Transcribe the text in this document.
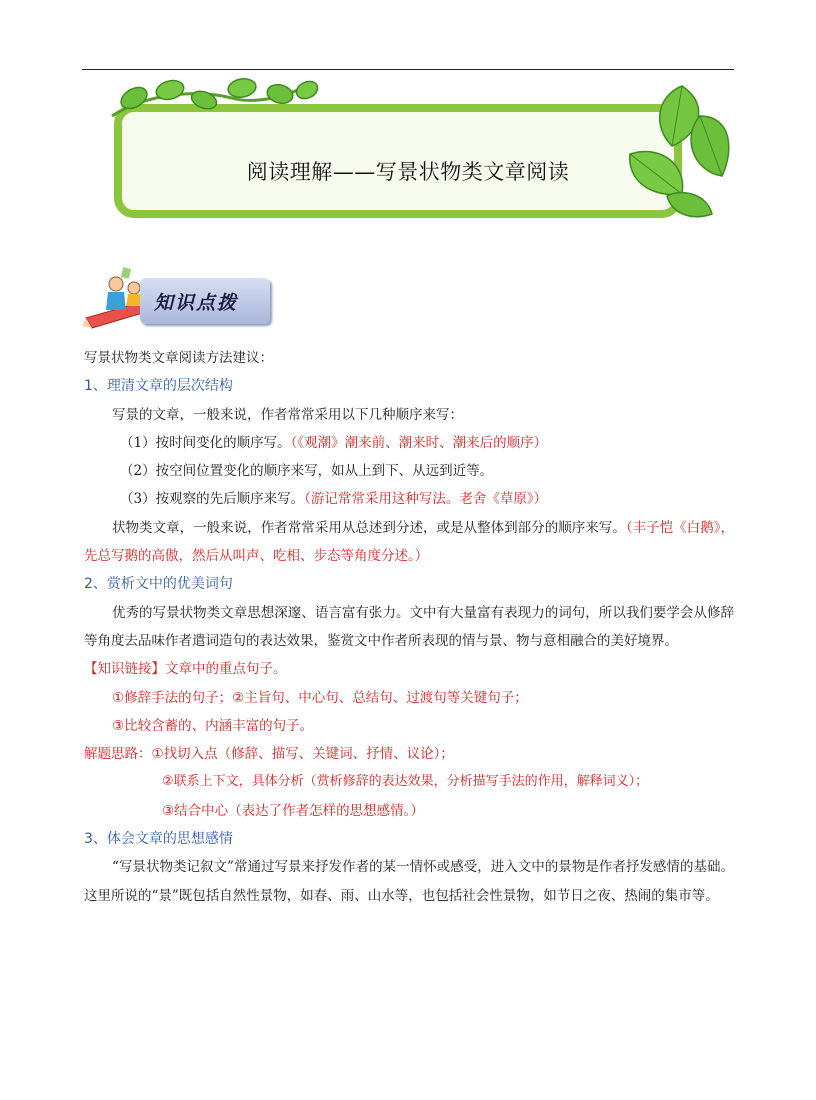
阅读理解——写景状物类文章阅读
知识点拨
写景状物类文章阅读方法建议：
1、理清文章的层次结构
写景的文章，一般来说，作者常常采用以下几种顺序来写：
（1）按时间变化的顺序写。（《观潮》潮来前、潮来时、潮来后的顺序）
（2）按空间位置变化的顺序来写，如从上到下、从远到近等。
（3）按观察的先后顺序来写。（游记常常采用这种写法。老舍《草原》）
状物类文章，一般来说，作者常常采用从总述到分述，或是从整体到部分的顺序来写。（丰子恺《白鹅》，先总写鹅的高傲，然后从叫声、吃相、步态等角度分述。）
2、赏析文中的优美词句
优秀的写景状物类文章思想深邃、语言富有张力。文中有大量富有表现力的词句，所以我们要学会从修辞等角度去品味作者遣词造句的表达效果，鉴赏文中作者所表现的情与景、物与意相融合的美好境界。
【知识链接】文章中的重点句子。
①修辞手法的句子；②主旨句、中心句、总结句、过渡句等关键句子；
③比较含蓄的、内涵丰富的句子。
解题思路：①找切入点（修辞、描写、关键词、抒情、议论）；
②联系上下文，具体分析（赏析修辞的表达效果，分析描写手法的作用，解释词义）；
③结合中心（表达了作者怎样的思想感情。）
3、体会文章的思想感情
“写景状物类记叙文”常通过写景来抒发作者的某一情怀或感受，进入文中的景物是作者抒发感情的基础。这里所说的“景”既包括自然性景物，如春、雨、山水等，也包括社会性景物，如节日之夜、热闹的集市等。
